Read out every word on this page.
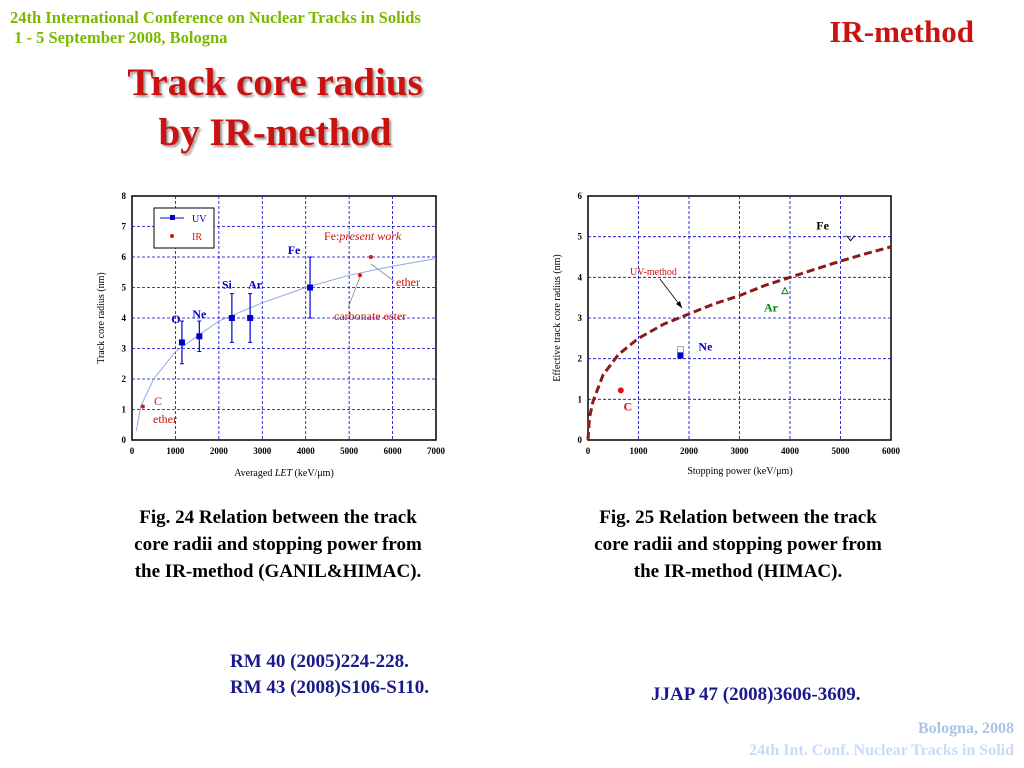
24th International Conference on Nuclear Tracks in Solids
1 - 5 September 2008, Bologna	IR-method
Track core radius
by IR-method
0	1000	2000	3000	4000	5000	6000	7000
0
1
2
3
4
5
6
7
8
O Ne
Si Ar
Fe
UV
IR	Fe:present work
ether
carbonate ester
C
ether
Averaged LET (keV/μm)
Track core radius (nm)
0	1000	2000	3000	4000	5000	6000
0
1
2
3
4
5
6
C
Ne
Ar
Fe
UV-method
Stopping power (keV/μm)
Effective track core radius (nm)
Fig. 24 Relation between the track
core radii and stopping power from
the IR-method (GANIL&HIMAC).
Fig. 25 Relation between the track
core radii and stopping power from
the IR-method (HIMAC).
RM 40 (2005)224-228.
RM 43 (2008)S106-S110.	JJAP 47 (2008)3606-3609.
Bologna, 2008
24th Int. Conf. Nuclear Tracks in Solid
